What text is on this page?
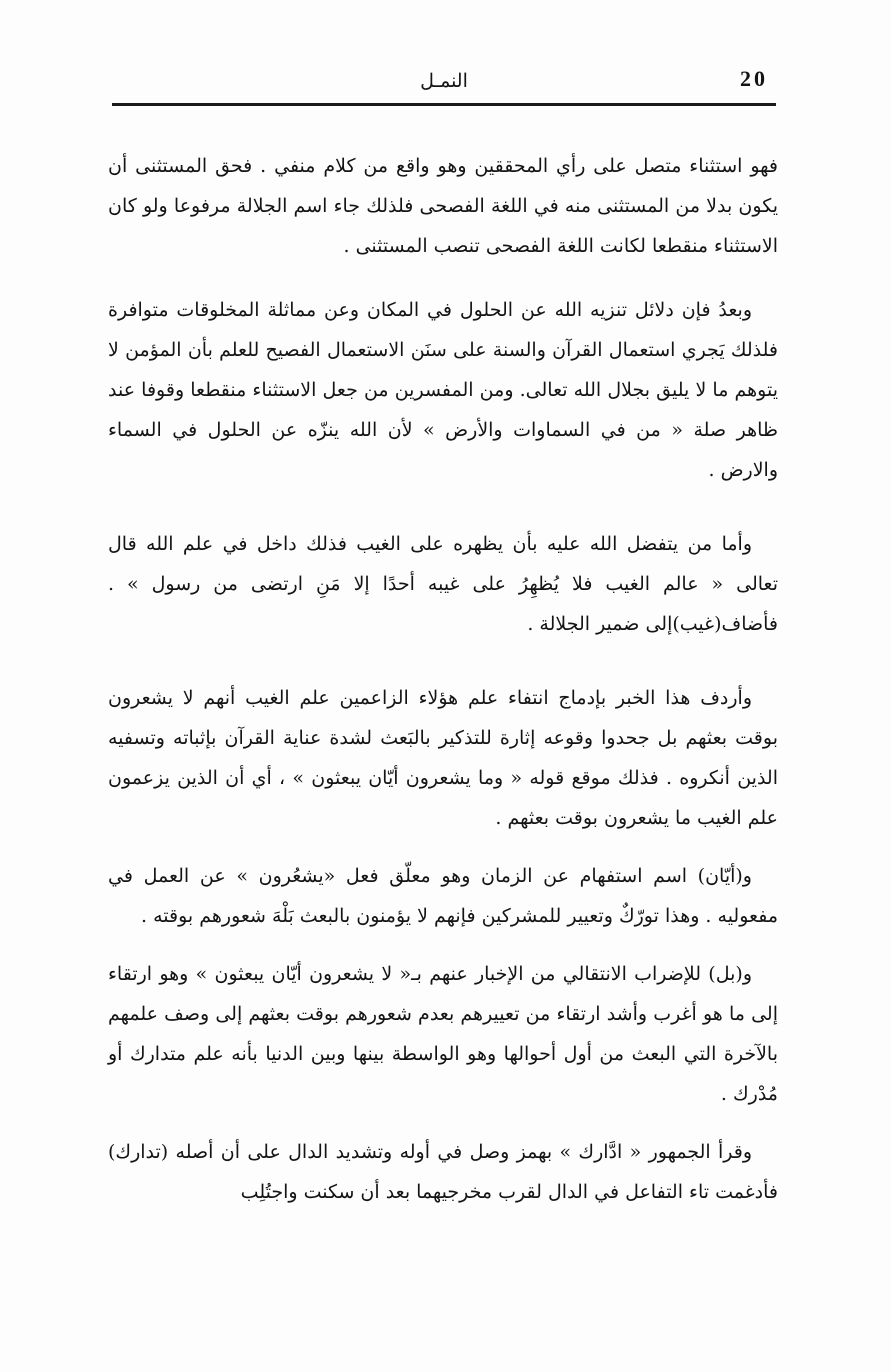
20
النمـل

فهو استثناء متصل على رأي المحققين وهو واقع من كلام منفي . فحق المستثنى أن يكون بدلا من المستثنى منه في اللغة الفصحى فلذلك جاء اسم الجلالة مرفوعا ولو كان الاستثناء منقطعا لكانت اللغة الفصحى تنصب المستثنى .

وبعدُ فإن دلائل تنزيه الله عن الحلول في المكان وعن مماثلة المخلوقات متوافرة فلذلك يَجري استعمال القرآن والسنة على سنَن الاستعمال الفصيح للعلم بأن المؤمن لا يتوهم ما لا يليق بجلال الله تعالى. ومن المفسرين من جعل الاستثناء منقطعا وقوفا عند ظاهر صلة « من في السماوات والأرض » لأن الله ينزّه عن الحلول في السماء والارض .

وأما من يتفضل الله عليه بأن يظهره على الغيب فذلك داخل في علم الله قال تعالى « عالم الغيب فلا يُظهِرُ على غيبه أحدًا إلا مَنِ ارتضى من رسول » . فأضاف(غيب)إلى ضمير الجلالة .

وأردف هذا الخبر بإدماج انتفاء علم هؤلاء الزاعمين علم الغيب أنهم لا يشعرون بوقت بعثهم بل جحدوا وقوعه إثارة للتذكير بالبَعث لشدة عناية القرآن بإثباته وتسفيه الذين أنكروه . فذلك موقع قوله « وما يشعرون أيّان يبعثون » ، أي أن الذين يزعمون علم الغيب ما يشعرون بوقت بعثهم .

و(أيّان) اسم استفهام عن الزمان وهو معلّق فعل «يشعُرون » عن العمل في مفعوليه . وهذا تورّكٌ وتعيير للمشركين فإنهم لا يؤمنون بالبعث بَلْهَ شعورهم بوقته .

و(بل) للإضراب الانتقالي من الإخبار عنهم بـ« لا يشعرون أيّان يبعثون » وهو ارتقاء إلى ما هو أغرب وأشد ارتقاء من تعييرهم بعدم شعورهم بوقت بعثهم إلى وصف علمهم بالآخرة التي البعث من أول أحوالها وهو الواسطة بينها وبين الدنيا بأنه علم متدارك أو مُدْرك .

وقرأ الجمهور « ادَّارك » بهمز وصل في أوله وتشديد الدال على أن أصله (تدارك) فأدغمت تاء التفاعل في الدال لقرب مخرجيهما بعد أن سكنت واجتُلِب
